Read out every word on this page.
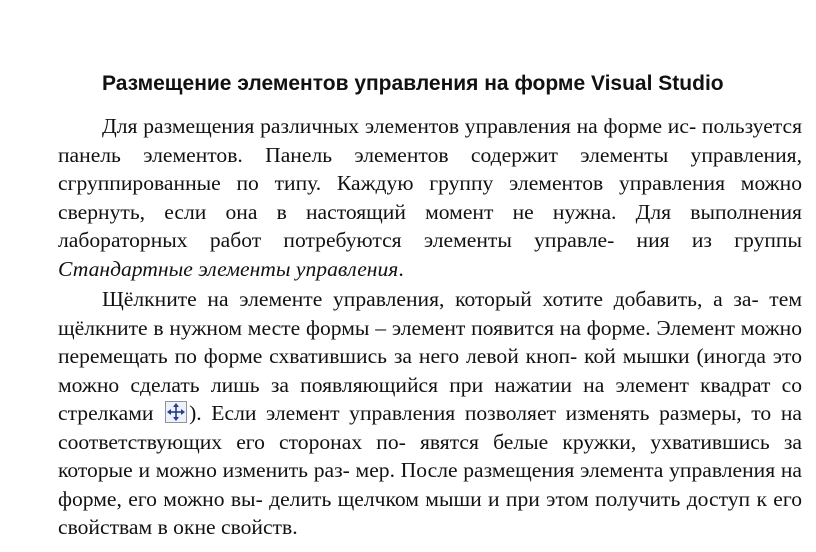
Размещение элементов управления на форме Visual Studio

Для размещения различных элементов управления на форме ис- пользуется панель элементов. Панель элементов содержит элементы управления, сгруппированные по типу. Каждую группу элементов управления можно свернуть, если она в настоящий момент не нужна. Для выполнения лабораторных работ потребуются элементы управле- ния из группы Стандартные элементы управления.

Щёлкните на элементе управления, который хотите добавить, а за- тем щёлкните в нужном месте формы – элемент появится на форме. Элемент можно перемещать по форме схватившись за него левой кноп- кой мышки (иногда это можно сделать лишь за появляющийся при нажатии на элемент квадрат со стрелками
). Если элемент управления позволяет изменять размеры, то на соответствующих его сторонах по- явятся белые кружки, ухватившись за которые и можно изменить раз- мер. После размещения элемента управления на форме, его можно вы- делить щелчком мыши и при этом получить доступ к его свойствам в окне свойств.
